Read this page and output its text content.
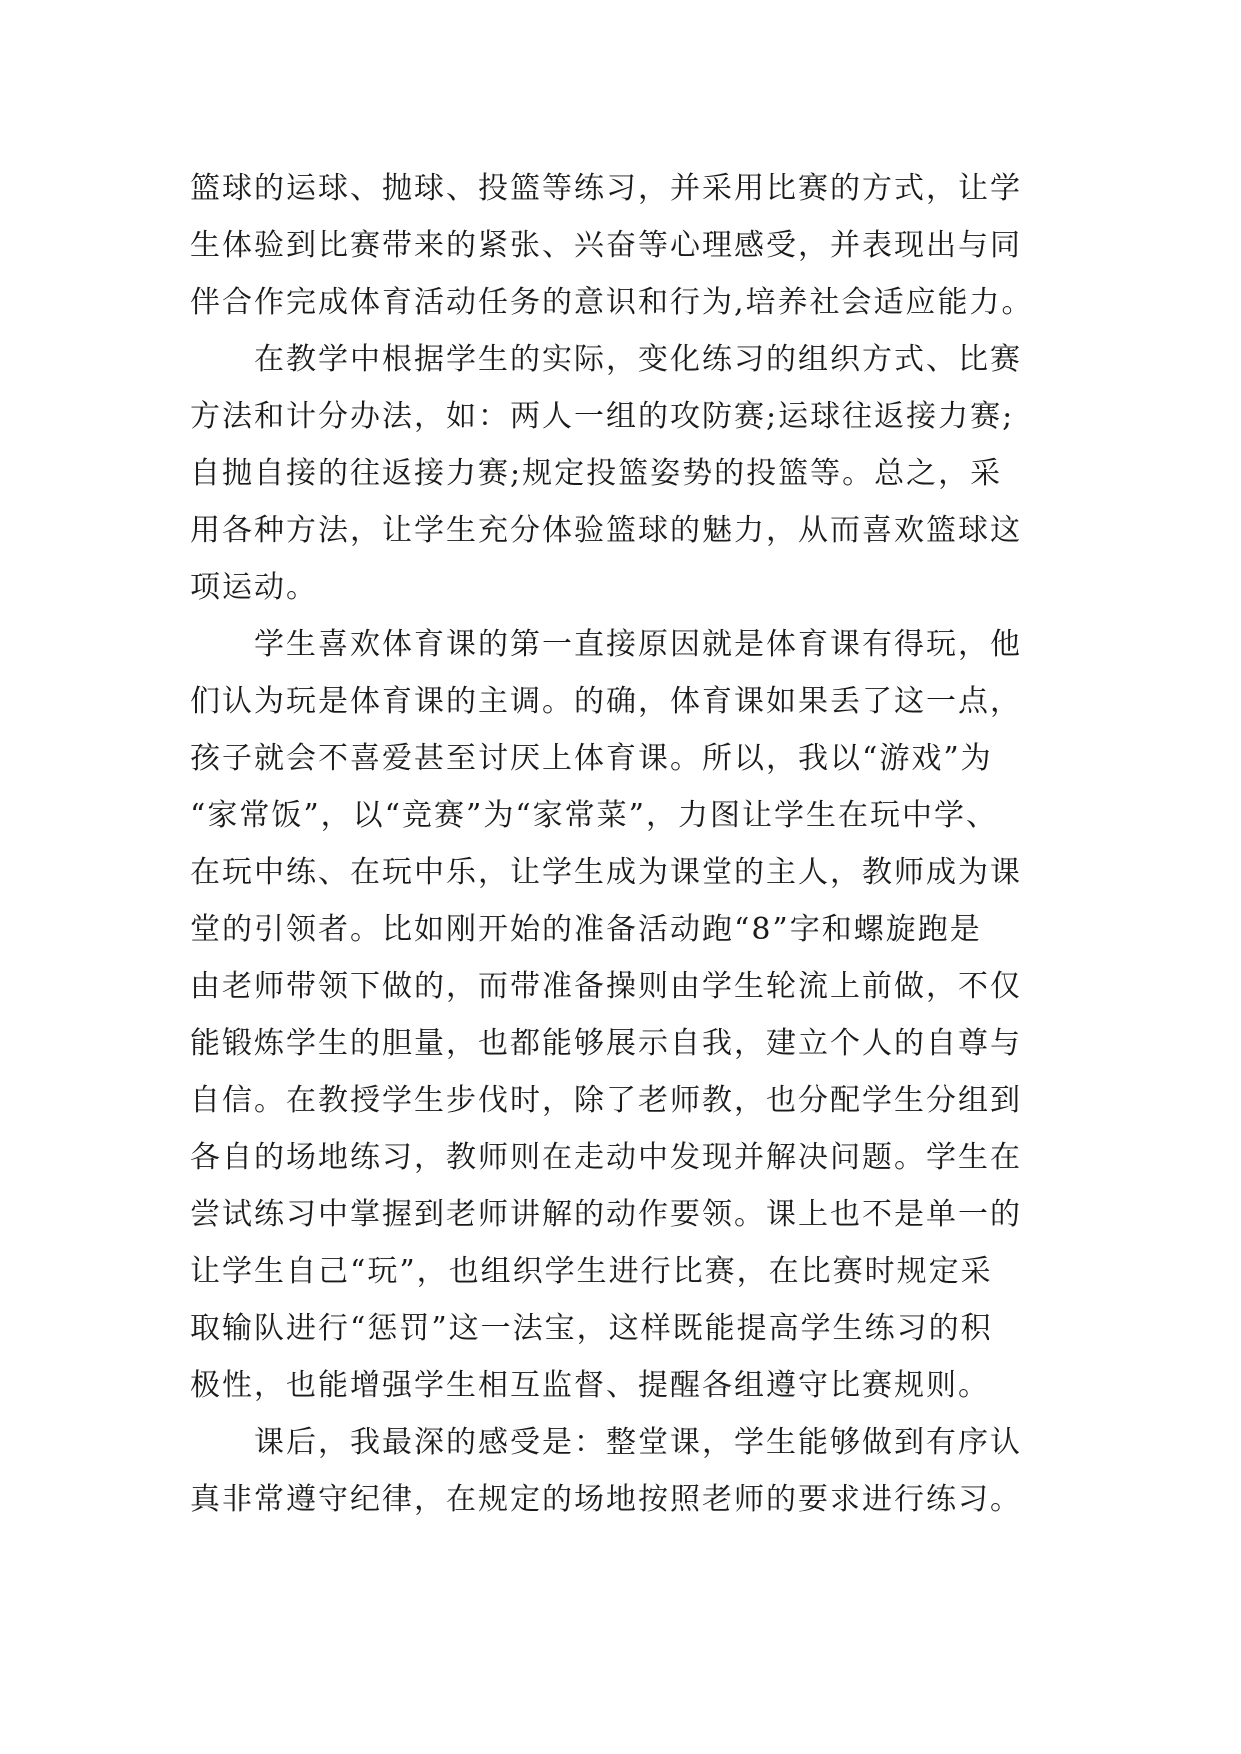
篮球的运球、抛球、投篮等练习，并采用比赛的方式，让学
生体验到比赛带来的紧张、兴奋等心理感受，并表现出与同
伴合作完成体育活动任务的意识和行为,培养社会适应能力。
在教学中根据学生的实际，变化练习的组织方式、比赛
方法和计分办法，如：两人一组的攻防赛;运球往返接力赛;
自抛自接的往返接力赛;规定投篮姿势的投篮等。总之，采
用各种方法，让学生充分体验篮球的魅力，从而喜欢篮球这
项运动。
学生喜欢体育课的第一直接原因就是体育课有得玩，他
们认为玩是体育课的主调。的确，体育课如果丢了这一点，
孩子就会不喜爱甚至讨厌上体育课。所以，我以“游戏”为
“家常饭”，以“竞赛”为“家常菜”，力图让学生在玩中学、
在玩中练、在玩中乐，让学生成为课堂的主人，教师成为课
堂的引领者。比如刚开始的准备活动跑“8”字和螺旋跑是
由老师带领下做的，而带准备操则由学生轮流上前做，不仅
能锻炼学生的胆量，也都能够展示自我，建立个人的自尊与
自信。在教授学生步伐时，除了老师教，也分配学生分组到
各自的场地练习，教师则在走动中发现并解决问题。学生在
尝试练习中掌握到老师讲解的动作要领。课上也不是单一的
让学生自己“玩”，也组织学生进行比赛，在比赛时规定采
取输队进行“惩罚”这一法宝，这样既能提高学生练习的积
极性，也能增强学生相互监督、提醒各组遵守比赛规则。
课后，我最深的感受是：整堂课，学生能够做到有序认
真非常遵守纪律，在规定的场地按照老师的要求进行练习。
